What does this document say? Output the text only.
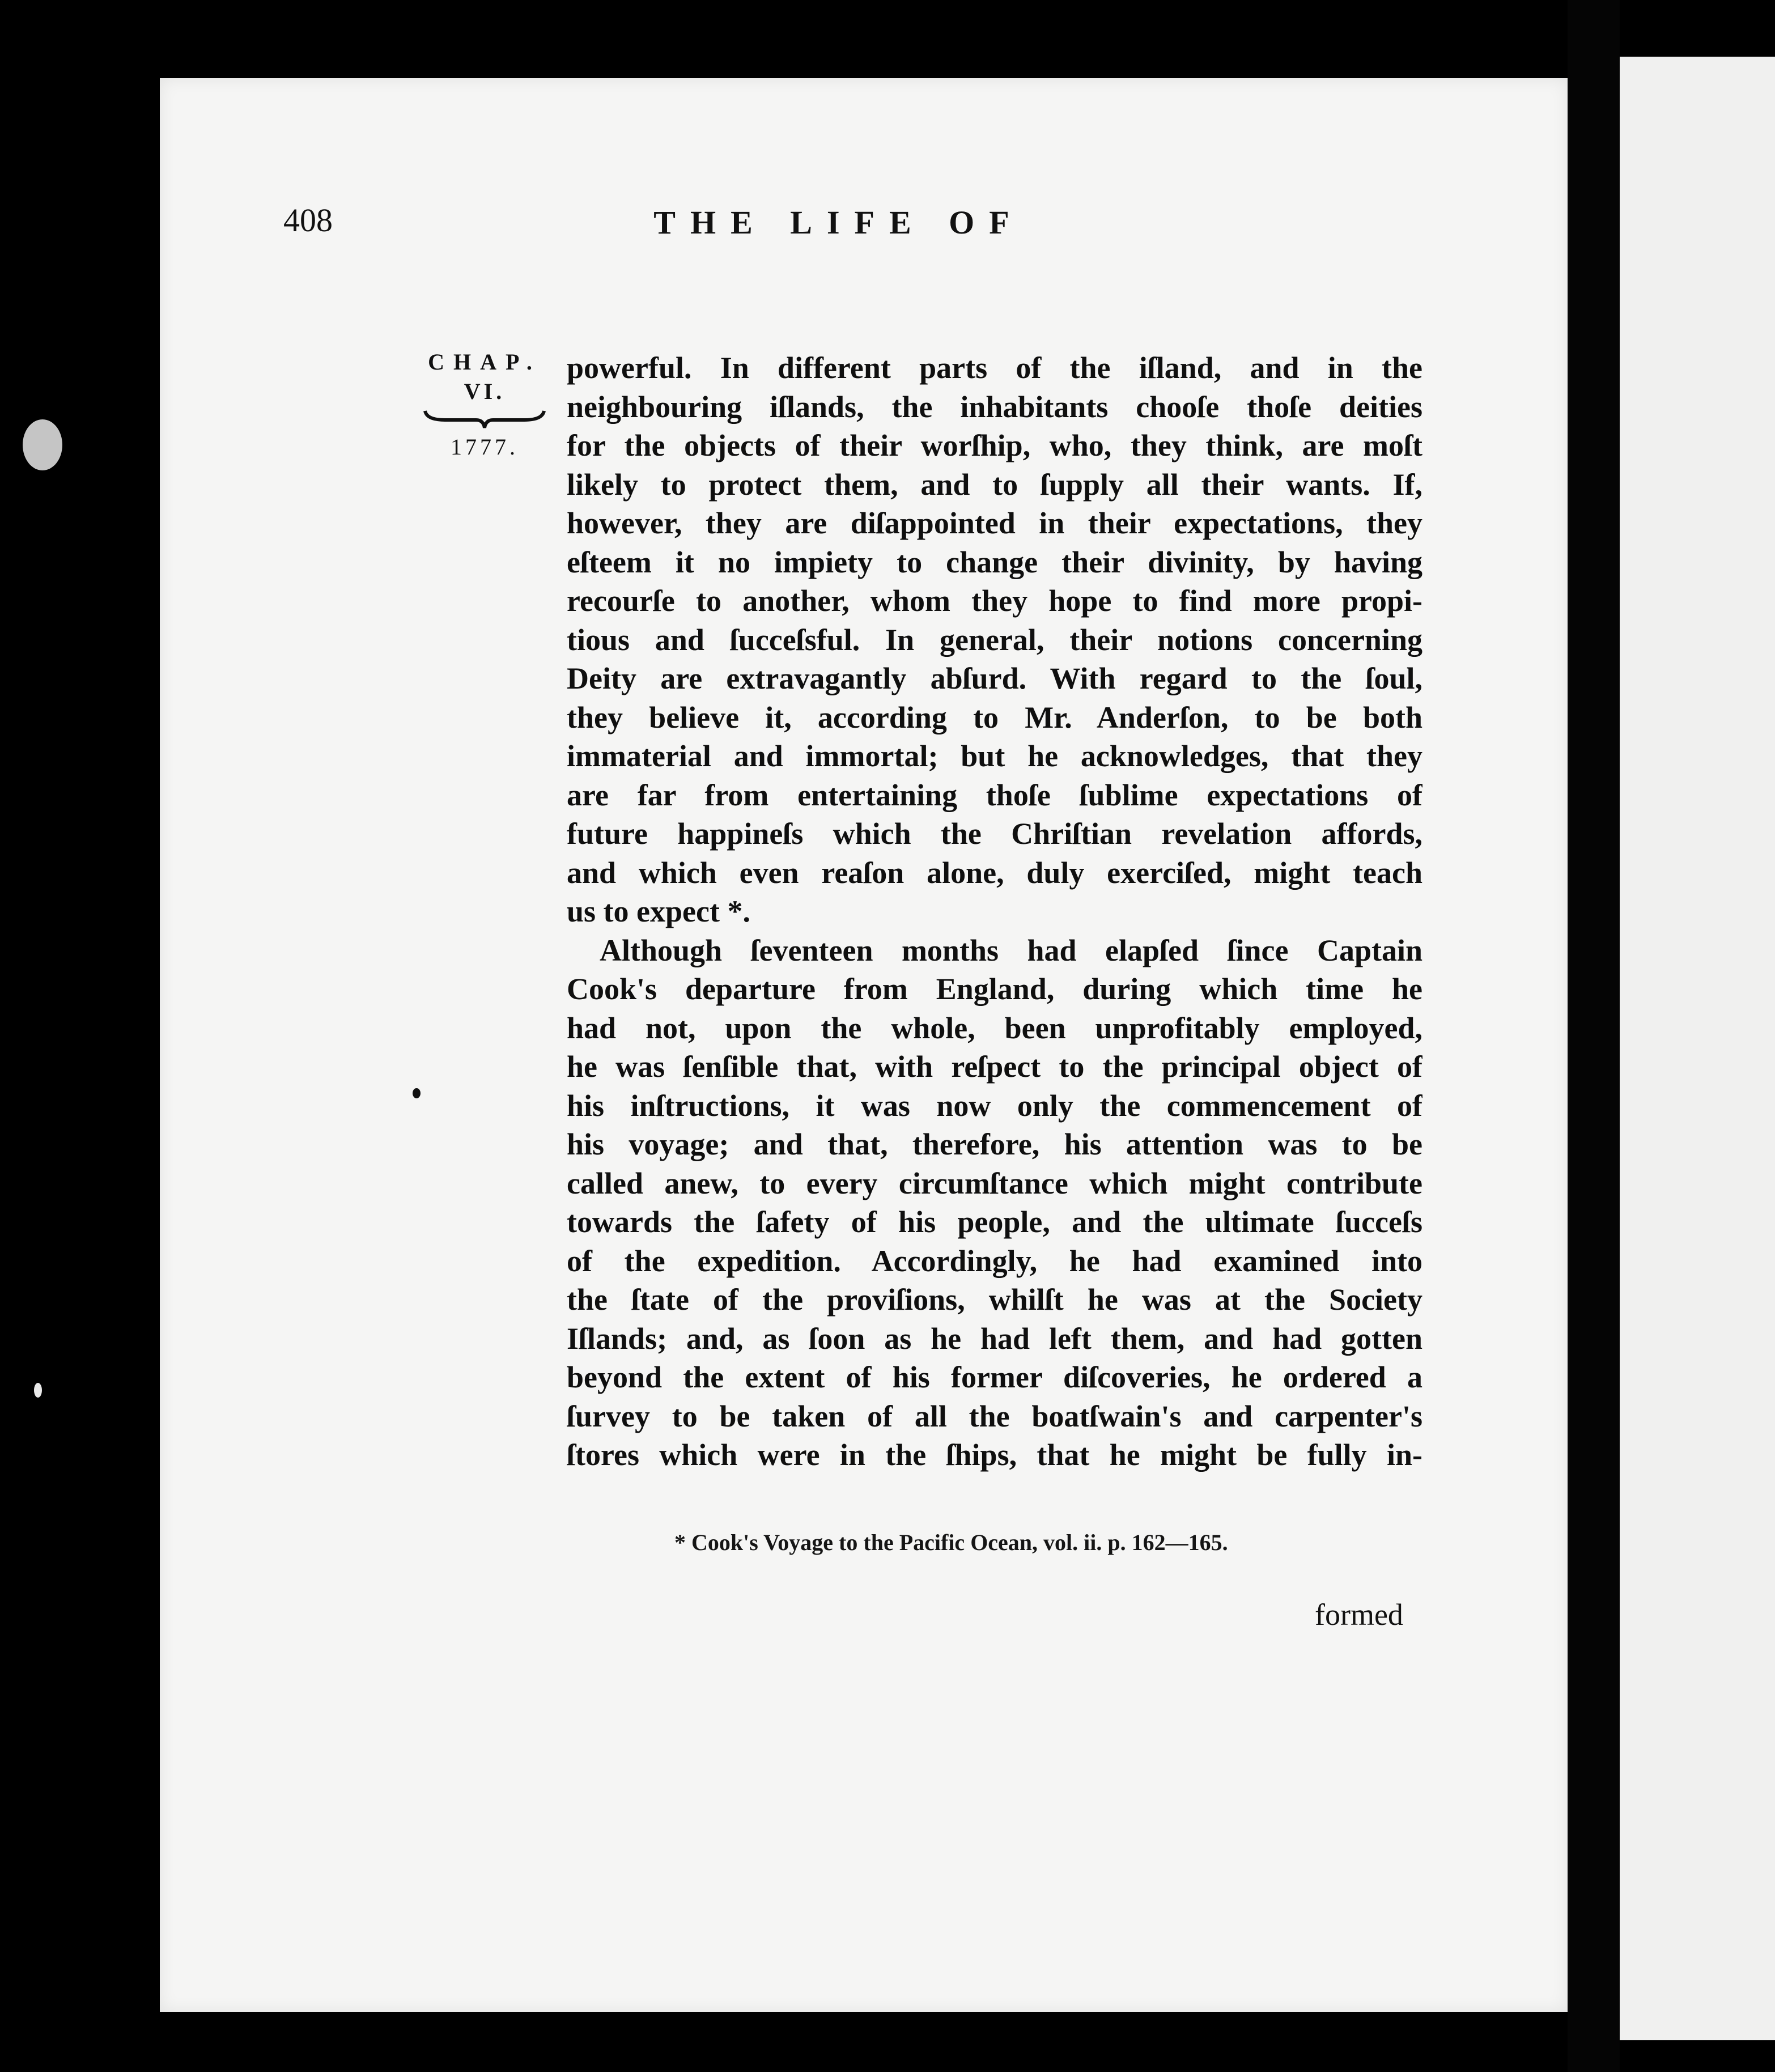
408	THE LIFE OF
CHAP.
VI.
1777.
powerful. In different parts of the iſland, and in the
neighbouring iſlands, the inhabitants chooſe thoſe deities
for the objects of their worſhip, who, they think, are moſt
likely to protect them, and to ſupply all their wants. If,
however, they are diſappointed in their expectations, they
eſteem it no impiety to change their divinity, by having
recourſe to another, whom they hope to find more propi-
tious and ſucceſsful. In general, their notions concerning
Deity are extravagantly abſurd. With regard to the ſoul,
they believe it, according to Mr. Anderſon, to be both
immaterial and immortal; but he acknowledges, that they
are far from entertaining thoſe ſublime expectations of
future happineſs which the Chriſtian revelation affords,
and which even reaſon alone, duly exerciſed, might teach
us to expect *.
Although ſeventeen months had elapſed ſince Captain
Cook's departure from England, during which time he
had not, upon the whole, been unprofitably employed,
he was ſenſible that, with reſpect to the principal object of
his inſtructions, it was now only the commencement of
his voyage; and that, therefore, his attention was to be
called anew, to every circumſtance which might contribute
towards the ſafety of his people, and the ultimate ſucceſs
of the expedition. Accordingly, he had examined into
the ſtate of the proviſions, whilſt he was at the Society
Iſlands; and, as ſoon as he had left them, and had gotten
beyond the extent of his former diſcoveries, he ordered a
ſurvey to be taken of all the boatſwain's and carpenter's
ſtores which were in the ſhips, that he might be fully in-
* Cook's Voyage to the Pacific Ocean, vol. ii. p. 162—165.
formed
